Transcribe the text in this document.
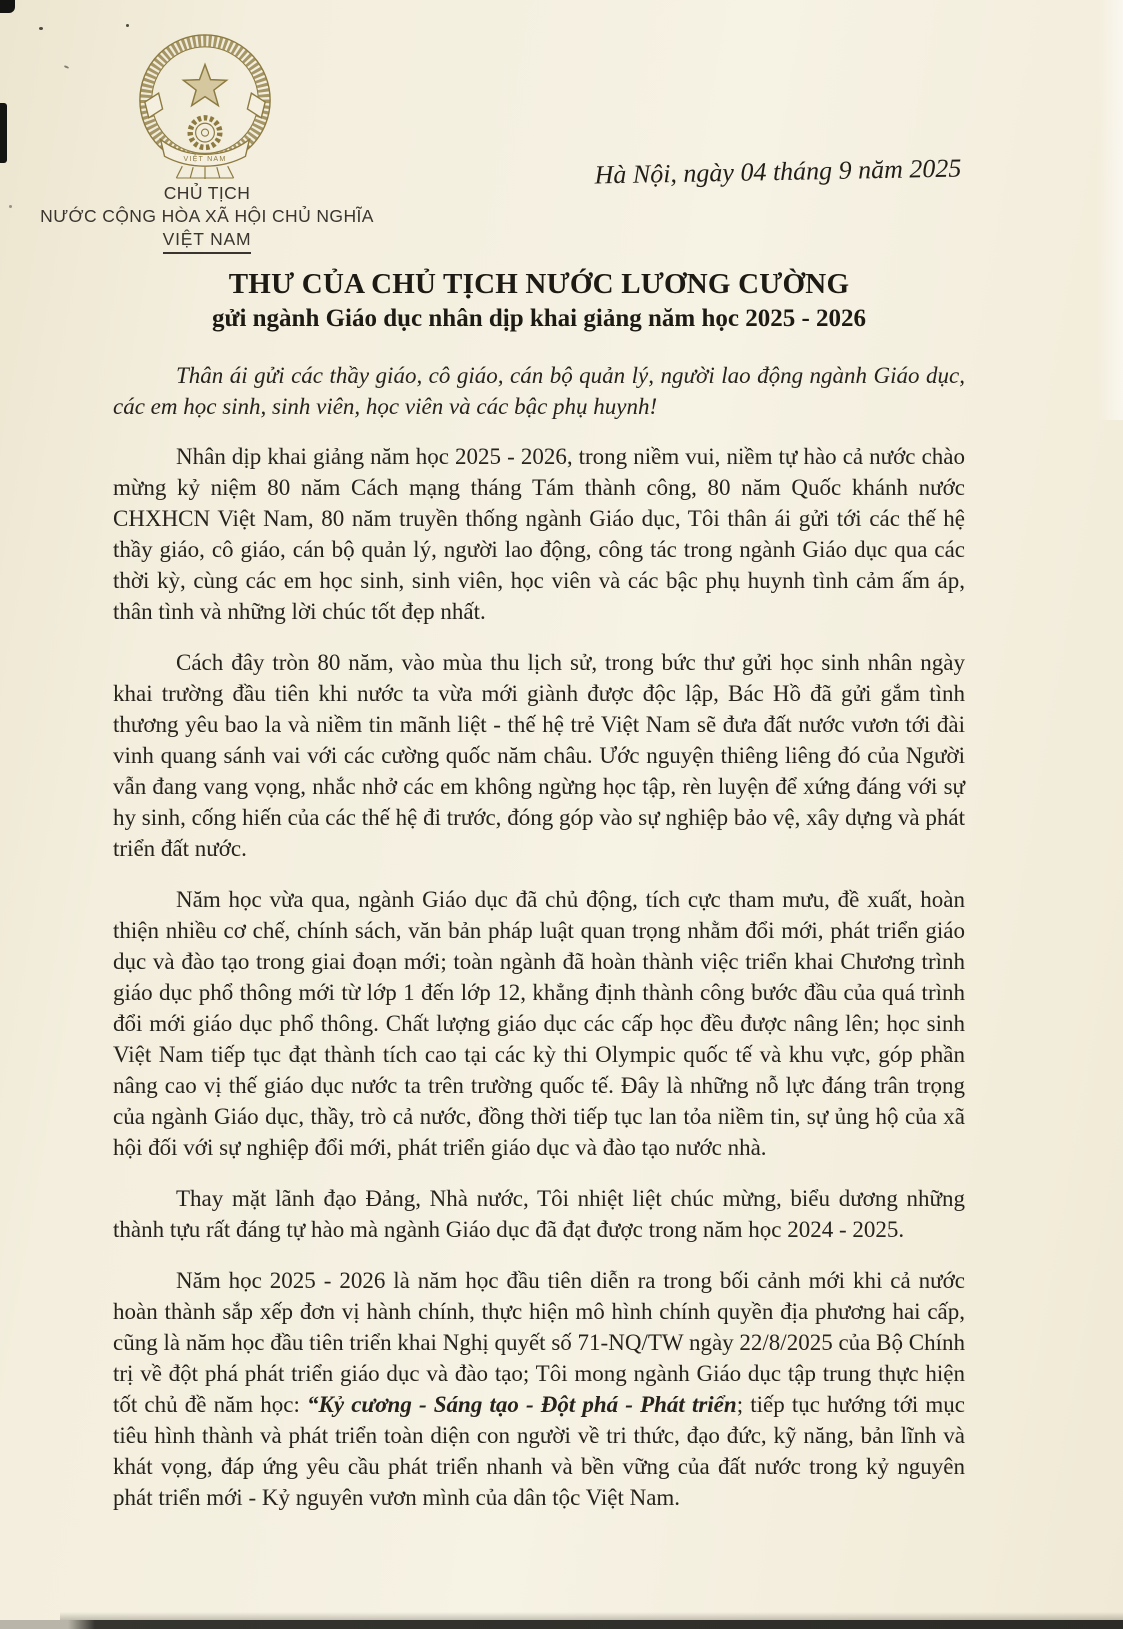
VIỆT NAM
CHỦ TỊCH
NƯỚC CỘNG HÒA XÃ HỘI CHỦ NGHĨA
VIỆT NAM
Hà Nội, ngày 04 tháng 9 năm 2025
THƯ CỦA CHỦ TỊCH NƯỚC LƯƠNG CƯỜNG
gửi ngành Giáo dục nhân dịp khai giảng năm học 2025 - 2026

Thân ái gửi các thầy giáo, cô giáo, cán bộ quản lý, người lao động ngành Giáo dục, các em học sinh, sinh viên, học viên và các bậc phụ huynh!

Nhân dịp khai giảng năm học 2025 - 2026, trong niềm vui, niềm tự hào cả nước chào mừng kỷ niệm 80 năm Cách mạng tháng Tám thành công, 80 năm Quốc khánh nước CHXHCN Việt Nam, 80 năm truyền thống ngành Giáo dục, Tôi thân ái gửi tới các thế hệ thầy giáo, cô giáo, cán bộ quản lý, người lao động, công tác trong ngành Giáo dục qua các thời kỳ, cùng các em học sinh, sinh viên, học viên và các bậc phụ huynh tình cảm ấm áp, thân tình và những lời chúc tốt đẹp nhất.

Cách đây tròn 80 năm, vào mùa thu lịch sử, trong bức thư gửi học sinh nhân ngày khai trường đầu tiên khi nước ta vừa mới giành được độc lập, Bác Hồ đã gửi gắm tình thương yêu bao la và niềm tin mãnh liệt - thế hệ trẻ Việt Nam sẽ đưa đất nước vươn tới đài vinh quang sánh vai với các cường quốc năm châu. Ước nguyện thiêng liêng đó của Người vẫn đang vang vọng, nhắc nhở các em không ngừng học tập, rèn luyện để xứng đáng với sự hy sinh, cống hiến của các thế hệ đi trước, đóng góp vào sự nghiệp bảo vệ, xây dựng và phát triển đất nước.

Năm học vừa qua, ngành Giáo dục đã chủ động, tích cực tham mưu, đề xuất, hoàn thiện nhiều cơ chế, chính sách, văn bản pháp luật quan trọng nhằm đổi mới, phát triển giáo dục và đào tạo trong giai đoạn mới; toàn ngành đã hoàn thành việc triển khai Chương trình giáo dục phổ thông mới từ lớp 1 đến lớp 12, khẳng định thành công bước đầu của quá trình đổi mới giáo dục phổ thông. Chất lượng giáo dục các cấp học đều được nâng lên; học sinh Việt Nam tiếp tục đạt thành tích cao tại các kỳ thi Olympic quốc tế và khu vực, góp phần nâng cao vị thế giáo dục nước ta trên trường quốc tế. Đây là những nỗ lực đáng trân trọng của ngành Giáo dục, thầy, trò cả nước, đồng thời tiếp tục lan tỏa niềm tin, sự ủng hộ của xã hội đối với sự nghiệp đổi mới, phát triển giáo dục và đào tạo nước nhà.

Thay mặt lãnh đạo Đảng, Nhà nước, Tôi nhiệt liệt chúc mừng, biểu dương những thành tựu rất đáng tự hào mà ngành Giáo dục đã đạt được trong năm học 2024 - 2025.

Năm học 2025 - 2026 là năm học đầu tiên diễn ra trong bối cảnh mới khi cả nước hoàn thành sắp xếp đơn vị hành chính, thực hiện mô hình chính quyền địa phương hai cấp, cũng là năm học đầu tiên triển khai Nghị quyết số 71-NQ/TW ngày 22/8/2025 của Bộ Chính trị về đột phá phát triển giáo dục và đào tạo; Tôi mong ngành Giáo dục tập trung thực hiện tốt chủ đề năm học: “Kỷ cương - Sáng tạo - Đột phá - Phát triển; tiếp tục hướng tới mục tiêu hình thành và phát triển toàn diện con người về tri thức, đạo đức, kỹ năng, bản lĩnh và khát vọng, đáp ứng yêu cầu phát triển nhanh và bền vững của đất nước trong kỷ nguyên phát triển mới - Kỷ nguyên vươn mình của dân tộc Việt Nam.
